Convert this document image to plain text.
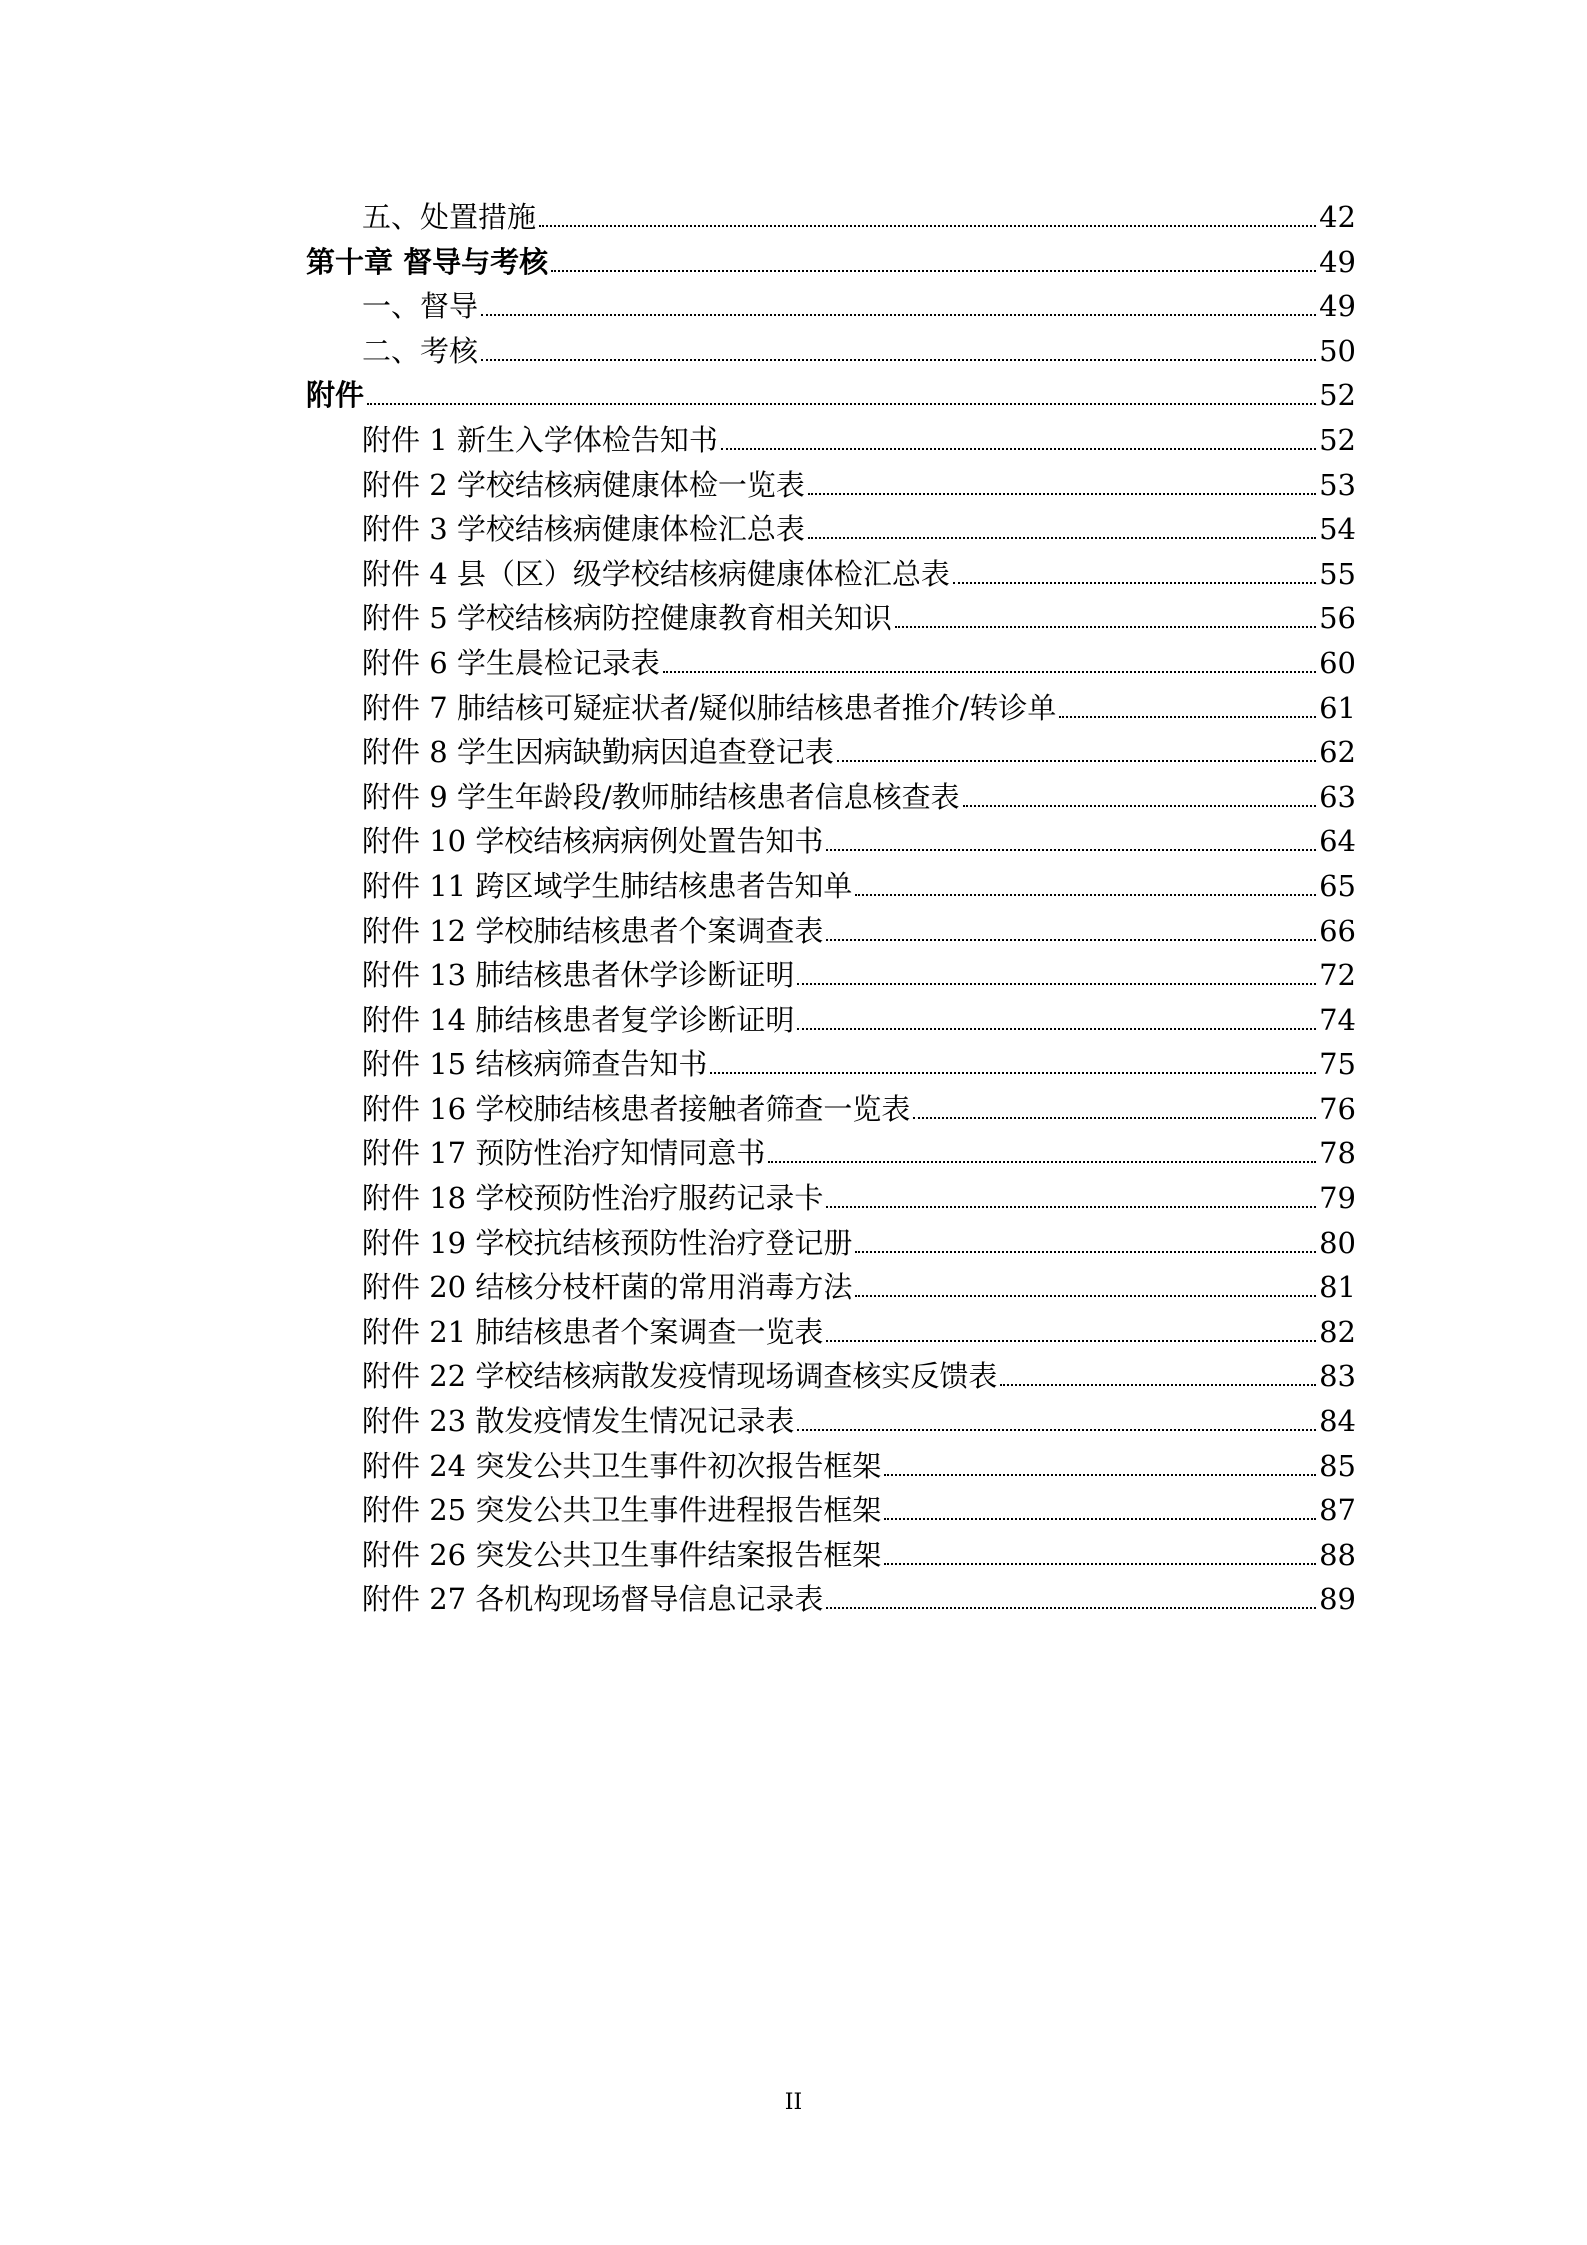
五、处置措施	42
第十章 督导与考核	49
一、督导	49
二、考核	50
附件	52
附件 1 新生入学体检告知书	52
附件 2 学校结核病健康体检一览表	53
附件 3 学校结核病健康体检汇总表	54
附件 4 县（区）级学校结核病健康体检汇总表	55
附件 5 学校结核病防控健康教育相关知识	56
附件 6 学生晨检记录表	60
附件 7 肺结核可疑症状者/疑似肺结核患者推介/转诊单	61
附件 8 学生因病缺勤病因追查登记表	62
附件 9 学生年龄段/教师肺结核患者信息核查表	63
附件 10 学校结核病病例处置告知书	64
附件 11 跨区域学生肺结核患者告知单	65
附件 12 学校肺结核患者个案调查表	66
附件 13 肺结核患者休学诊断证明	72
附件 14 肺结核患者复学诊断证明	74
附件 15 结核病筛查告知书	75
附件 16 学校肺结核患者接触者筛查一览表	76
附件 17 预防性治疗知情同意书	78
附件 18 学校预防性治疗服药记录卡	79
附件 19 学校抗结核预防性治疗登记册	80
附件 20 结核分枝杆菌的常用消毒方法	81
附件 21 肺结核患者个案调查一览表	82
附件 22 学校结核病散发疫情现场调查核实反馈表	83
附件 23 散发疫情发生情况记录表	84
附件 24 突发公共卫生事件初次报告框架	85
附件 25 突发公共卫生事件进程报告框架	87
附件 26 突发公共卫生事件结案报告框架	88
附件 27 各机构现场督导信息记录表	89
II
